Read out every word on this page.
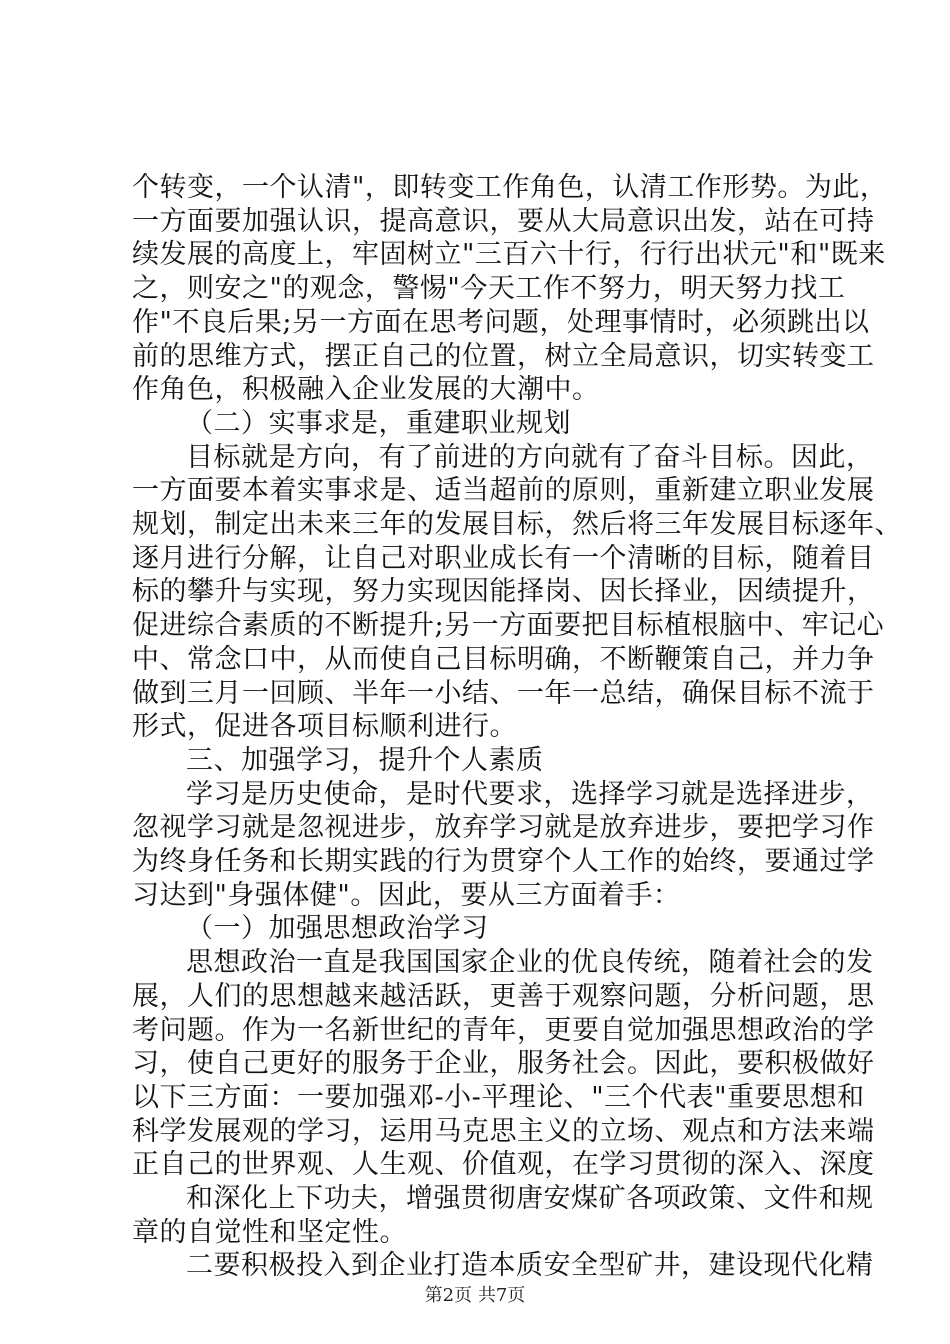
个转变，一个认清"，即转变工作角色，认清工作形势。为此，
一方面要加强认识，提高意识，要从大局意识出发，站在可持
续发展的高度上，牢固树立"三百六十行，行行出状元"和"既来
之，则安之"的观念，警惕"今天工作不努力，明天努力找工
作"不良后果;另一方面在思考问题，处理事情时，必须跳出以
前的思维方式，摆正自己的位置，树立全局意识，切实转变工
作角色，积极融入企业发展的大潮中。
（二）实事求是，重建职业规划
目标就是方向，有了前进的方向就有了奋斗目标。因此，
一方面要本着实事求是、适当超前的原则，重新建立职业发展
规划，制定出未来三年的发展目标，然后将三年发展目标逐年、
逐月进行分解，让自己对职业成长有一个清晰的目标，随着目
标的攀升与实现，努力实现因能择岗、因长择业，因绩提升，
促进综合素质的不断提升;另一方面要把目标植根脑中、牢记心
中、常念口中，从而使自己目标明确，不断鞭策自己，并力争
做到三月一回顾、半年一小结、一年一总结，确保目标不流于
形式，促进各项目标顺利进行。
三、加强学习，提升个人素质
学习是历史使命，是时代要求，选择学习就是选择进步，
忽视学习就是忽视进步，放弃学习就是放弃进步，要把学习作
为终身任务和长期实践的行为贯穿个人工作的始终，要通过学
习达到"身强体健"。因此，要从三方面着手：
（一）加强思想政治学习
思想政治一直是我国国家企业的优良传统，随着社会的发
展，人们的思想越来越活跃，更善于观察问题，分析问题，思
考问题。作为一名新世纪的青年，更要自觉加强思想政治的学
习，使自己更好的服务于企业，服务社会。因此，要积极做好
以下三方面：一要加强邓-小-平理论、"三个代表"重要思想和
科学发展观的学习，运用马克思主义的立场、观点和方法来端
正自己的世界观、人生观、价值观，在学习贯彻的深入、深度
和深化上下功夫，增强贯彻唐安煤矿各项政策、文件和规
章的自觉性和坚定性。
二要积极投入到企业打造本质安全型矿井，建设现代化精
第2页 共7页
